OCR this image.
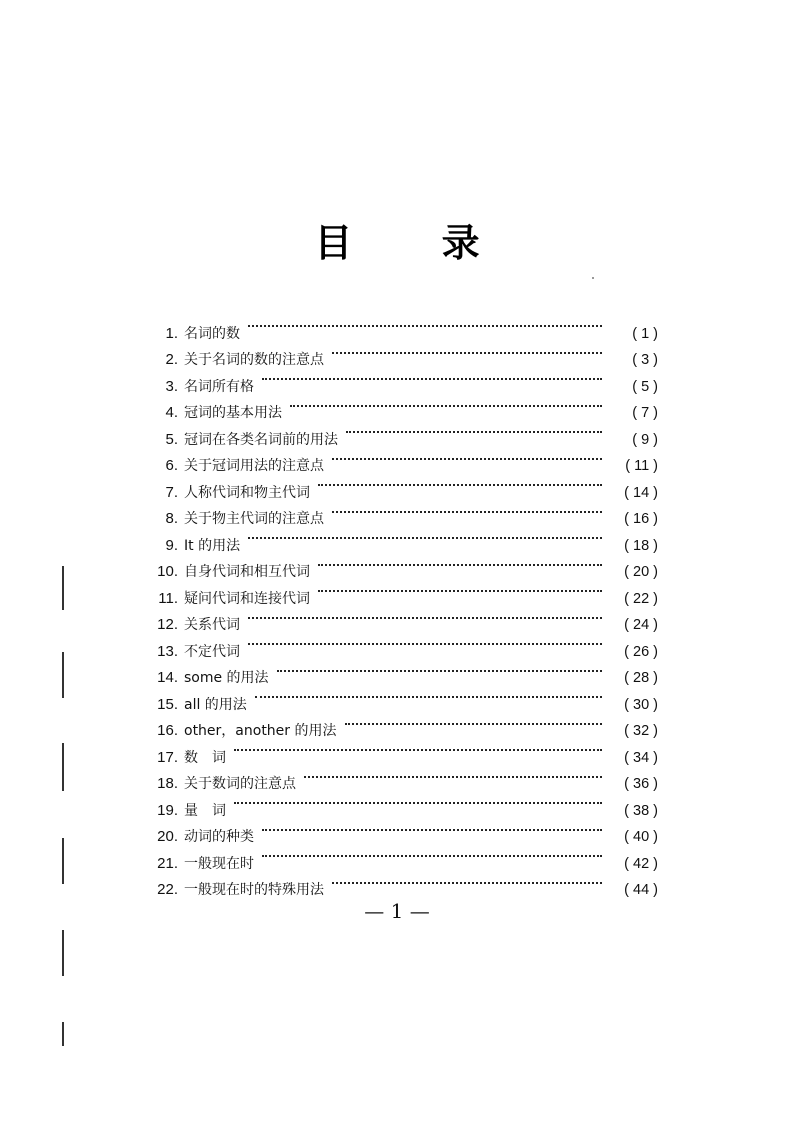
目 录
1. 名词的数	( 1 )
2. 关于名词的数的注意点	( 3 )
3. 名词所有格	( 5 )
4. 冠词的基本用法	( 7 )
5. 冠词在各类名词前的用法	( 9 )
6. 关于冠词用法的注意点	( 11 )
7. 人称代词和物主代词	( 14 )
8. 关于物主代词的注意点	( 16 )
9. It 的用法	( 18 )
10. 自身代词和相互代词	( 20 )
11. 疑问代词和连接代词	( 22 )
12. 关系代词	( 24 )
13. 不定代词	( 26 )
14. some 的用法	( 28 )
15. all 的用法	( 30 )
16. other，another 的用法	( 32 )
17. 数　词	( 34 )
18. 关于数词的注意点	( 36 )
19. 量　词	( 38 )
20. 动词的种类	( 40 )
21. 一般现在时	( 42 )
22. 一般现在时的特殊用法	( 44 )
— 1 —
